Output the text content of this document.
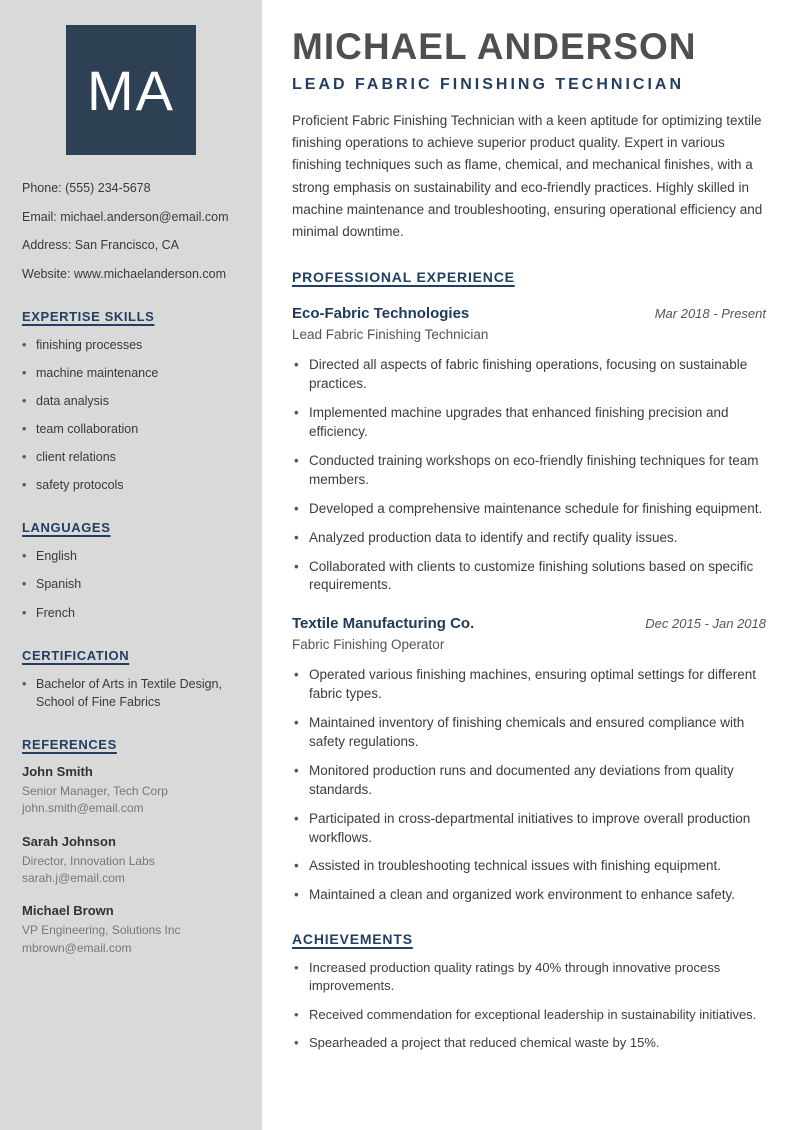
MA
Phone: (555) 234-5678
Email: michael.anderson@email.com
Address: San Francisco, CA
Website: www.michaelanderson.com
EXPERTISE SKILLS
• finishing processes
• machine maintenance
• data analysis
• team collaboration
• client relations
• safety protocols
LANGUAGES
• English
• Spanish
• French
CERTIFICATION
• Bachelor of Arts in Textile Design, School of Fine Fabrics
REFERENCES
John Smith
Senior Manager, Tech Corp
john.smith@email.com
Sarah Johnson
Director, Innovation Labs
sarah.j@email.com
Michael Brown
VP Engineering, Solutions Inc
mbrown@email.com
MICHAEL ANDERSON
LEAD FABRIC FINISHING TECHNICIAN

Proficient Fabric Finishing Technician with a keen aptitude for optimizing textile finishing operations to achieve superior product quality. Expert in various finishing techniques such as flame, chemical, and mechanical finishes, with a strong emphasis on sustainability and eco-friendly practices. Highly skilled in machine maintenance and troubleshooting, ensuring operational efficiency and minimal downtime.

PROFESSIONAL EXPERIENCE
Eco-Fabric Technologies	Mar 2018 - Present
Lead Fabric Finishing Technician
• Directed all aspects of fabric finishing operations, focusing on sustainable practices.
• Implemented machine upgrades that enhanced finishing precision and efficiency.
• Conducted training workshops on eco-friendly finishing techniques for team members.
• Developed a comprehensive maintenance schedule for finishing equipment.
• Analyzed production data to identify and rectify quality issues.
• Collaborated with clients to customize finishing solutions based on specific requirements.
Textile Manufacturing Co.	Dec 2015 - Jan 2018
Fabric Finishing Operator
• Operated various finishing machines, ensuring optimal settings for different fabric types.
• Maintained inventory of finishing chemicals and ensured compliance with safety regulations.
• Monitored production runs and documented any deviations from quality standards.
• Participated in cross-departmental initiatives to improve overall production workflows.
• Assisted in troubleshooting technical issues with finishing equipment.
• Maintained a clean and organized work environment to enhance safety.
ACHIEVEMENTS
• Increased production quality ratings by 40% through innovative process improvements.
• Received commendation for exceptional leadership in sustainability initiatives.
• Spearheaded a project that reduced chemical waste by 15%.
